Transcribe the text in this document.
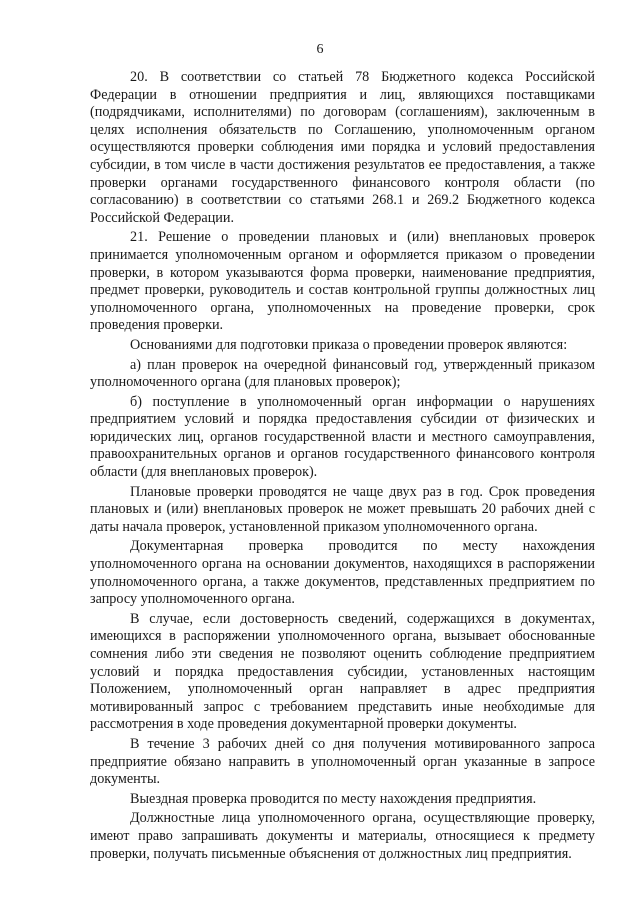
6

20. В соответствии со статьей 78 Бюджетного кодекса Российской Федерации в отношении предприятия и лиц, являющихся поставщиками (подрядчиками, исполнителями) по договорам (соглашениям), заключенным в целях исполнения обязательств по Соглашению, уполномоченным органом осуществляются проверки соблюдения ими порядка и условий предоставления субсидии, в том числе в части достижения результатов ее предоставления, а также проверки органами государственного финансового контроля области (по согласованию) в соответствии со статьями 268.1 и 269.2 Бюджетного кодекса Российской Федерации.

21. Решение о проведении плановых и (или) внеплановых проверок принимается уполномоченным органом и оформляется приказом о проведении проверки, в котором указываются форма проверки, наименование предприятия, предмет проверки, руководитель и состав контрольной группы должностных лиц уполномоченного органа, уполномоченных на проведение проверки, срок проведения проверки.

Основаниями для подготовки приказа о проведении проверок являются:

а) план проверок на очередной финансовый год, утвержденный приказом уполномоченного органа (для плановых проверок);

б) поступление в уполномоченный орган информации о нарушениях предприятием условий и порядка предоставления субсидии от физических и юридических лиц, органов государственной власти и местного самоуправления, правоохранительных органов и органов государственного финансового контроля области (для внеплановых проверок).

Плановые проверки проводятся не чаще двух раз в год. Срок проведения плановых и (или) внеплановых проверок не может превышать 20 рабочих дней с даты начала проверок, установленной приказом уполномоченного органа.

Документарная проверка проводится по месту нахождения уполномоченного органа на основании документов, находящихся в распоряжении уполномоченного органа, а также документов, представленных предприятием по запросу уполномоченного органа.

В случае, если достоверность сведений, содержащихся в документах, имеющихся в распоряжении уполномоченного органа, вызывает обоснованные сомнения либо эти сведения не позволяют оценить соблюдение предприятием условий и порядка предоставления субсидии, установленных настоящим Положением, уполномоченный орган направляет в адрес предприятия мотивированный запрос с требованием представить иные необходимые для рассмотрения в ходе проведения документарной проверки документы.

В течение 3 рабочих дней со дня получения мотивированного запроса предприятие обязано направить в уполномоченный орган указанные в запросе документы.

Выездная проверка проводится по месту нахождения предприятия.

Должностные лица уполномоченного органа, осуществляющие проверку, имеют право запрашивать документы и материалы, относящиеся к предмету проверки, получать письменные объяснения от должностных лиц предприятия.
